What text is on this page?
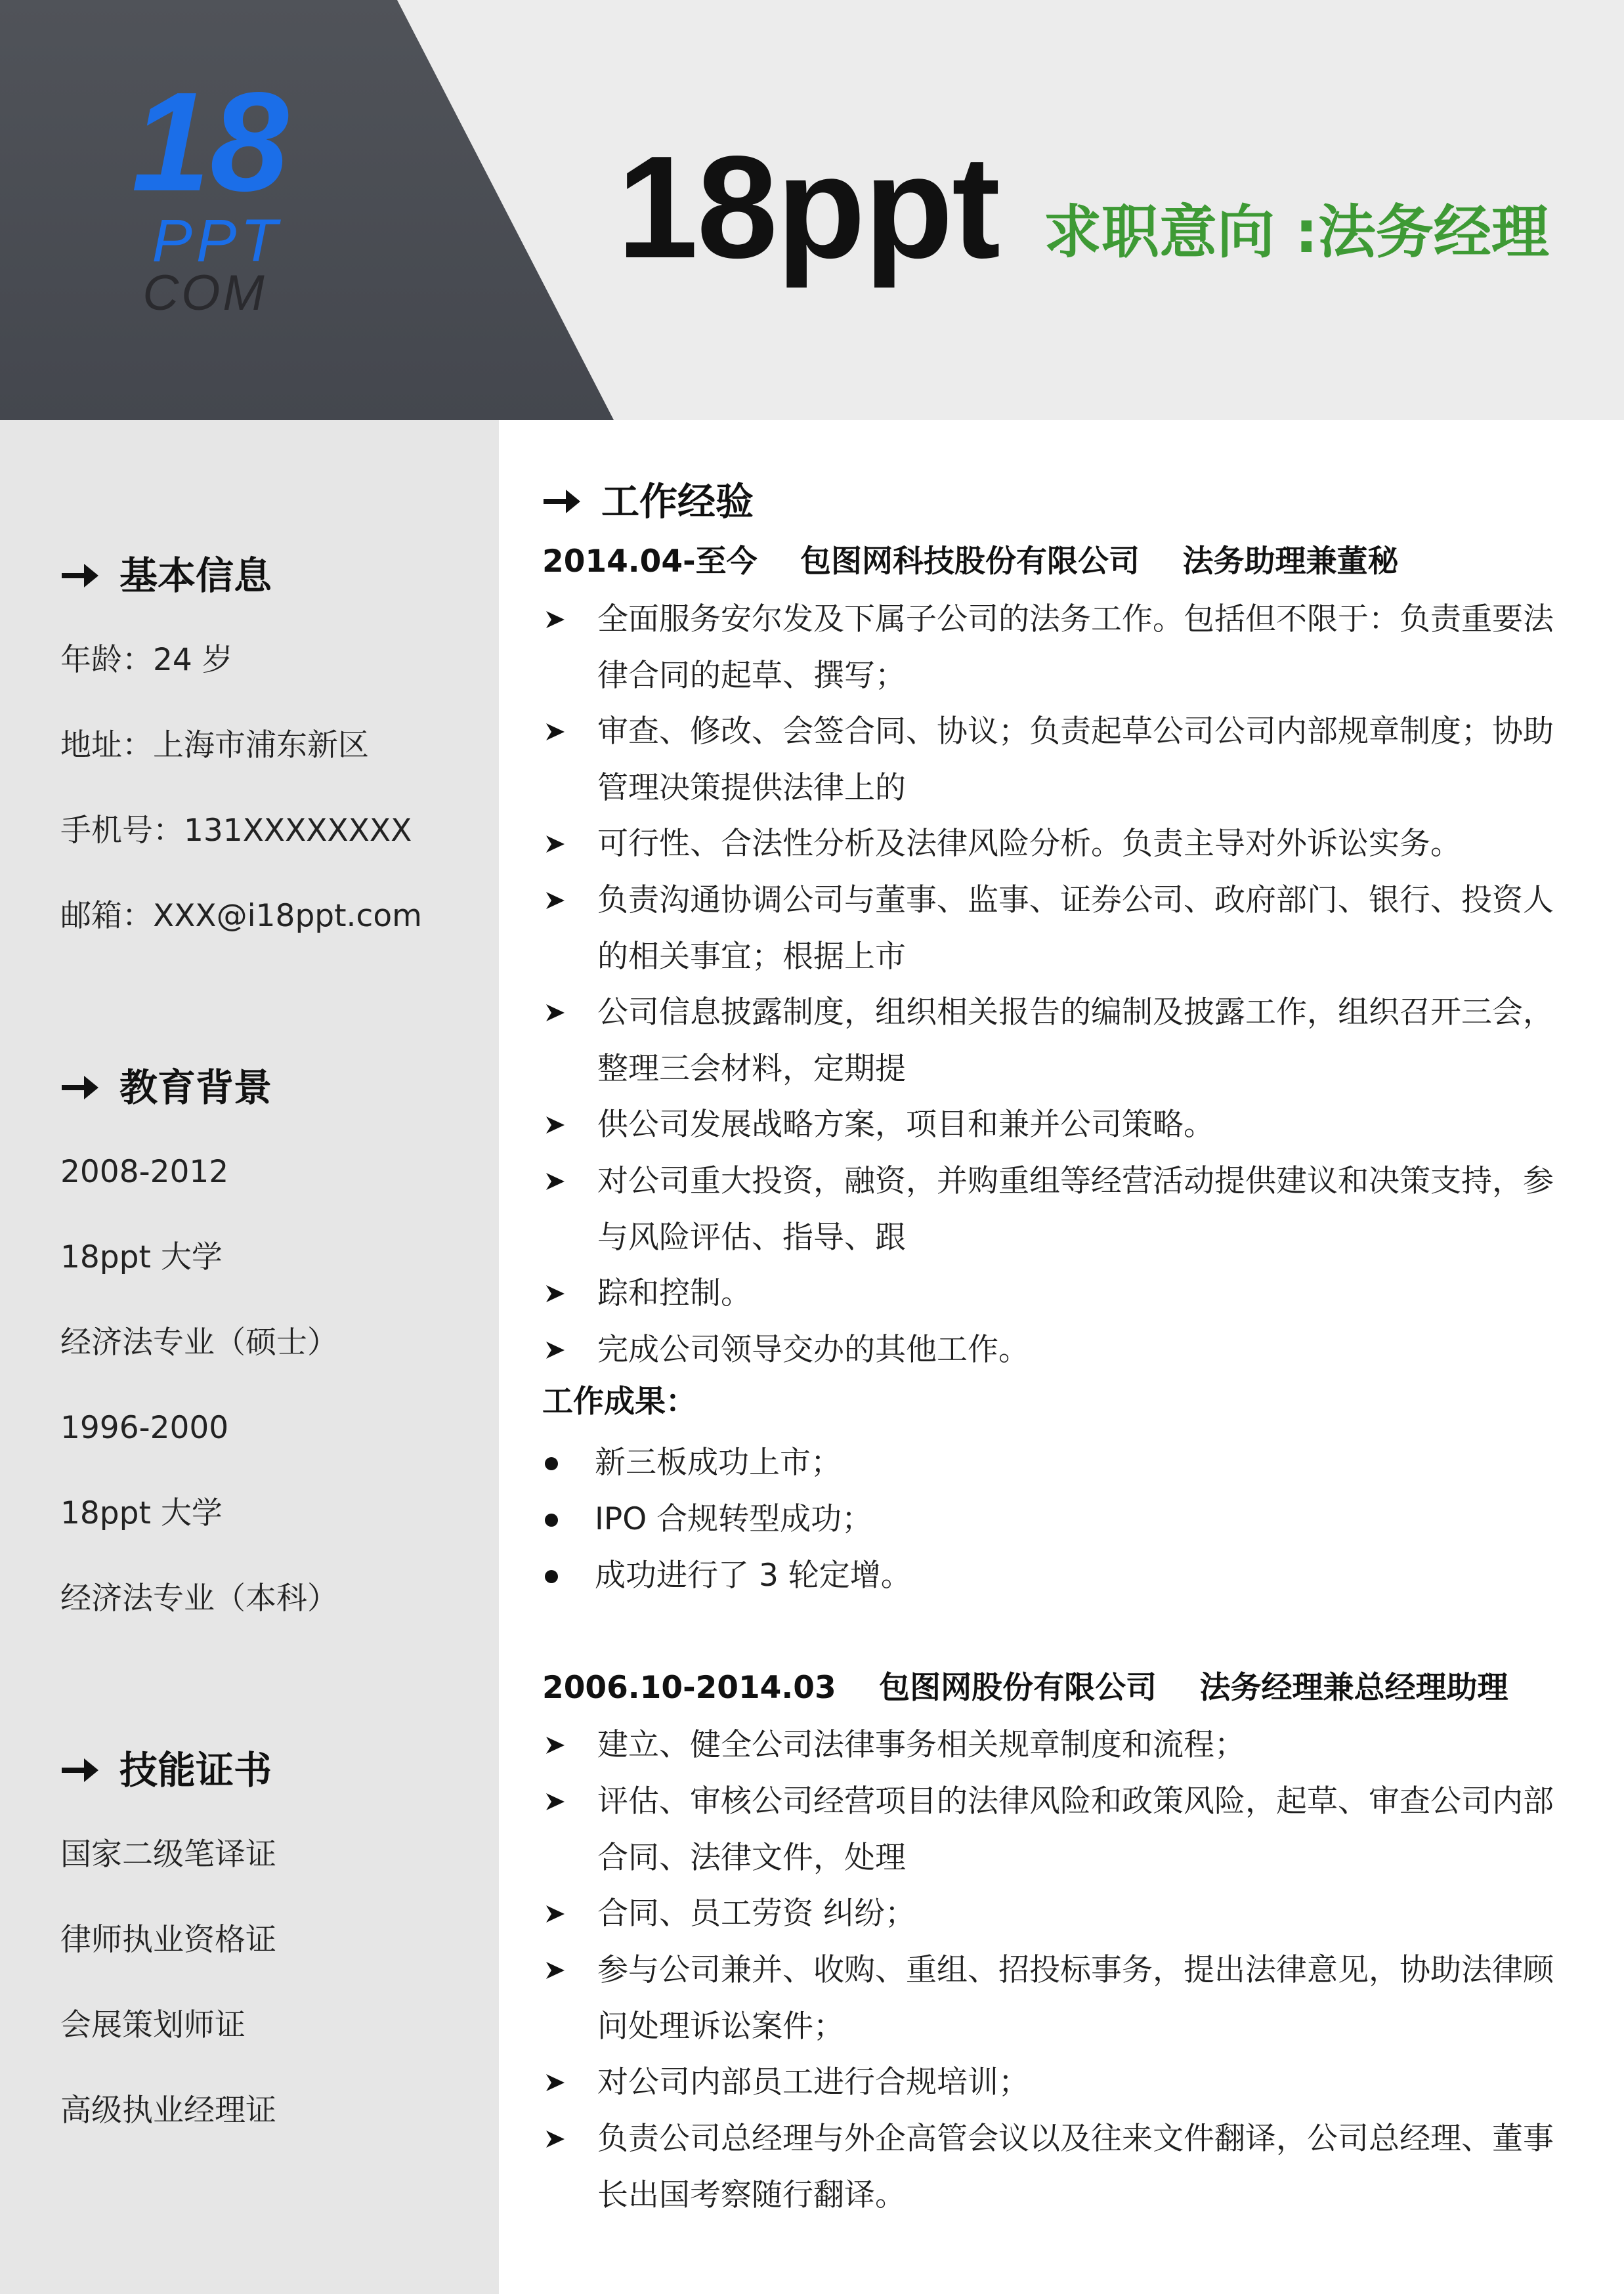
18
PPT
COM
18ppt 求职意向 :法务经理
基本信息
年龄：24 岁
地址：上海市浦东新区
手机号：131XXXXXXXX
邮箱：XXX@i18ppt.com
教育背景
2008-2012
18ppt 大学
经济法专业（硕士）
1996-2000
18ppt 大学
经济法专业（本科）
技能证书
国家二级笔译证
律师执业资格证
会展策划师证
高级执业经理证
工作经验
2014.04-至今    包图网科技股份有限公司    法务助理兼董秘
全面服务安尔发及下属子公司的法务工作。包括但不限于：负责重要法律合同的起草、撰写；
审查、修改、会签合同、协议；负责起草公司公司内部规章制度；协助管理决策提供法律上的
可行性、合法性分析及法律风险分析。负责主导对外诉讼实务。
负责沟通协调公司与董事、监事、证券公司、政府部门、银行、投资人的相关事宜；根据上市
公司信息披露制度，组织相关报告的编制及披露工作，组织召开三会，整理三会材料，定期提
供公司发展战略方案，项目和兼并公司策略。
对公司重大投资，融资，并购重组等经营活动提供建议和决策支持，参与风险评估、指导、跟
踪和控制。
完成公司领导交办的其他工作。
工作成果：
新三板成功上市；
IPO 合规转型成功；
成功进行了 3 轮定增。
2006.10-2014.03    包图网股份有限公司    法务经理兼总经理助理
建立、健全公司法律事务相关规章制度和流程；
评估、审核公司经营项目的法律风险和政策风险，起草、审查公司内部合同、法律文件，处理
合同、员工劳资 纠纷；
参与公司兼并、收购、重组、招投标事务，提出法律意见，协助法律顾问处理诉讼案件；
对公司内部员工进行合规培训；
负责公司总经理与外企高管会议以及往来文件翻译，公司总经理、董事长出国考察随行翻译。
